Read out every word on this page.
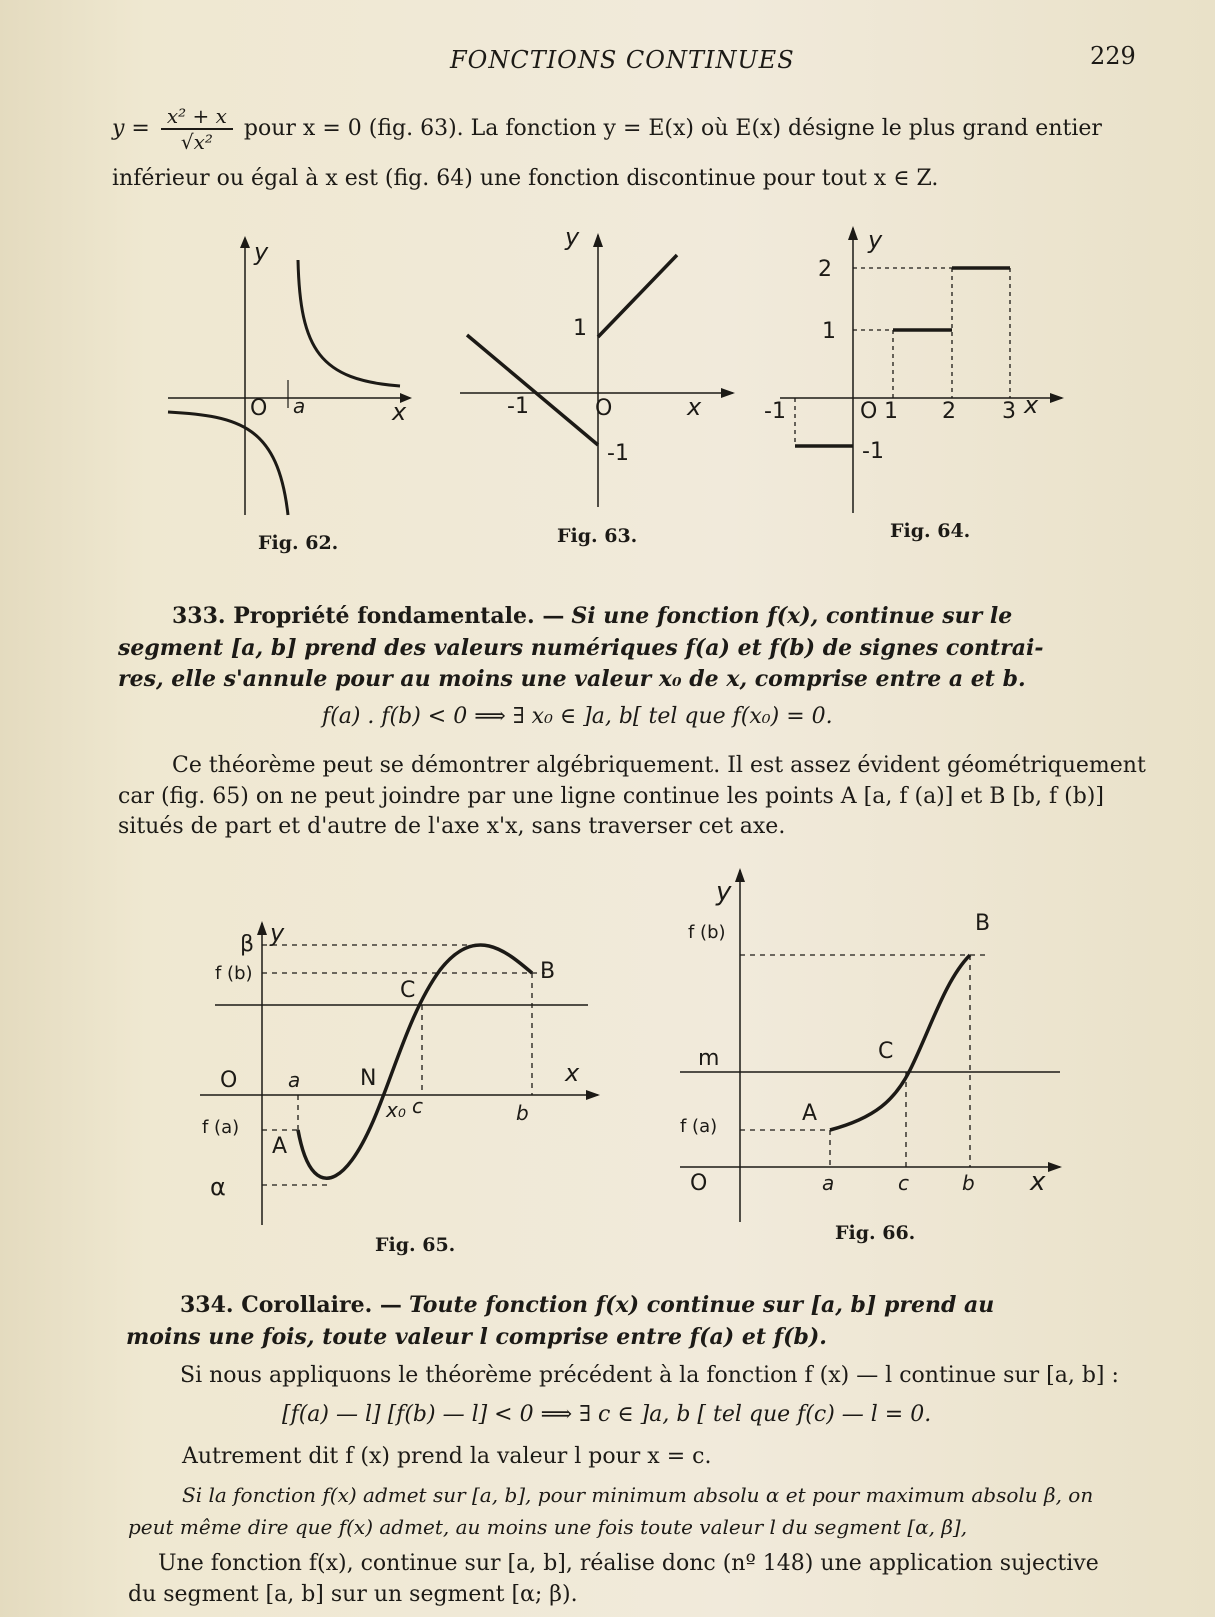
FONCTIONS CONTINUES	229
$y = \frac{\text{x² + x}}{\text{√x²}}$ pour x = 0 (fig. 63). La fonction y = E(x) où E(x) désigne le plus grand entier
inférieur ou égal à x est (fig. 64) une fonction discontinue pour tout x ∈ Z.
y
O a	x
Fig. 62.
y
1
-1	O	x
-1
Fig. 63.
y
2
1
-1	O 1 2 3 x
-1
Fig. 64.
333. Propriété fondamentale. — Si une fonction f(x), continue sur le
segment [a, b] prend des valeurs numériques f(a) et f(b) de signes contrai-
res, elle s'annule pour au moins une valeur x₀ de x, comprise entre a et b.
f(a) . f(b) < 0 ⟹ ∃ x₀ ∈ ]a, b[ tel que f(x₀) = 0.
Ce théorème peut se démontrer algébriquement. Il est assez évident géométriquement
car (fig. 65) on ne peut joindre par une ligne continue les points A [a, f (a)] et B [b, f (b)]
situés de part et d'autre de l'axe x'x, sans traverser cet axe.
y
β
f (b)	B
C
O	a	N	x
f (a)
A
x₀ c	b
α
Fig. 65.
y
f (b)	B
m	C
A
f (a)
O	a	c	b x
Fig. 66.
334. Corollaire. — Toute fonction f(x) continue sur [a, b] prend au
moins une fois, toute valeur l comprise entre f(a) et f(b).
Si nous appliquons le théorème précédent à la fonction f (x) — l continue sur [a, b] :
[f(a) — l] [f(b) — l] < 0 ⟹ ∃ c ∈ ]a, b [ tel que f(c) — l = 0.
Autrement dit f (x) prend la valeur l pour x = c.
Si la fonction f(x) admet sur [a, b], pour minimum absolu α et pour maximum absolu β, on
peut même dire que f(x) admet, au moins une fois toute valeur l du segment [α, β],
Une fonction f(x), continue sur [a, b], réalise donc (nº 148) une application sujective
du segment [a, b] sur un segment [α; β).
